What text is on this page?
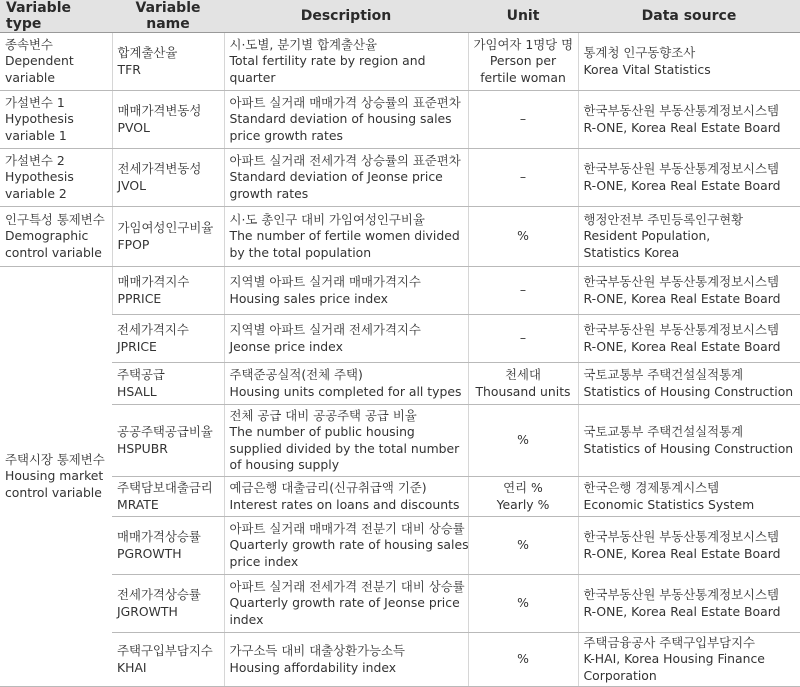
Variable type	Variable name	Description	Unit	Data source

종속변수
Dependent
variable	합계출산율
TFR	시·도별, 분기별 합계출산율
Total fertility rate by region and
quarter	가임여자 1명당 명
Person per
fertile woman	통계청 인구동향조사
Korea Vital Statistics

가설변수 1
Hypothesis
variable 1	매매가격변동성
PVOL	아파트 실거래 매매가격 상승률의 표준편차
Standard deviation of housing sales
price growth rates	–	한국부동산원 부동산통계정보시스템
R-ONE, Korea Real Estate Board

가설변수 2
Hypothesis
variable 2	전세가격변동성
JVOL	아파트 실거래 전세가격 상승률의 표준편차
Standard deviation of Jeonse price
growth rates	–	한국부동산원 부동산통계정보시스템
R-ONE, Korea Real Estate Board

인구특성 통제변수
Demographic
control variable	가임여성인구비율
FPOP	시·도 총인구 대비 가임여성인구비율
The number of fertile women divided
by the total population	%	행정안전부 주민등록인구현황
Resident Population,
Statistics Korea

주택시장 통제변수
Housing market
control variable	매매가격지수
PPRICE	지역별 아파트 실거래 매매가격지수
Housing sales price index	–	한국부동산원 부동산통계정보시스템
R-ONE, Korea Real Estate Board

	전세가격지수
JPRICE	지역별 아파트 실거래 전세가격지수
Jeonse price index	–	한국부동산원 부동산통계정보시스템
R-ONE, Korea Real Estate Board

	주택공급
HSALL	주택준공실적(전체 주택)
Housing units completed for all types	천세대
Thousand units	국토교통부 주택건설실적통계
Statistics of Housing Construction

	공공주택공급비율
HSPUBR	전체 공급 대비 공공주택 공급 비율
The number of public housing
supplied divided by the total number
of housing supply	%	국토교통부 주택건설실적통계
Statistics of Housing Construction

	주택담보대출금리
MRATE	예금은행 대출금리(신규취급액 기준)
Interest rates on loans and discounts	연리 %
Yearly %	한국은행 경제통계시스템
Economic Statistics System

	매매가격상승률
PGROWTH	아파트 실거래 매매가격 전분기 대비 상승률
Quarterly growth rate of housing sales
price index	%	한국부동산원 부동산통계정보시스템
R-ONE, Korea Real Estate Board

	전세가격상승률
JGROWTH	아파트 실거래 전세가격 전분기 대비 상승률
Quarterly growth rate of Jeonse price
index	%	한국부동산원 부동산통계정보시스템
R-ONE, Korea Real Estate Board

	주택구입부담지수
KHAI	가구소득 대비 대출상환가능소득
Housing affordability index	%	주택금융공사 주택구입부담지수
K-HAI, Korea Housing Finance
Corporation
